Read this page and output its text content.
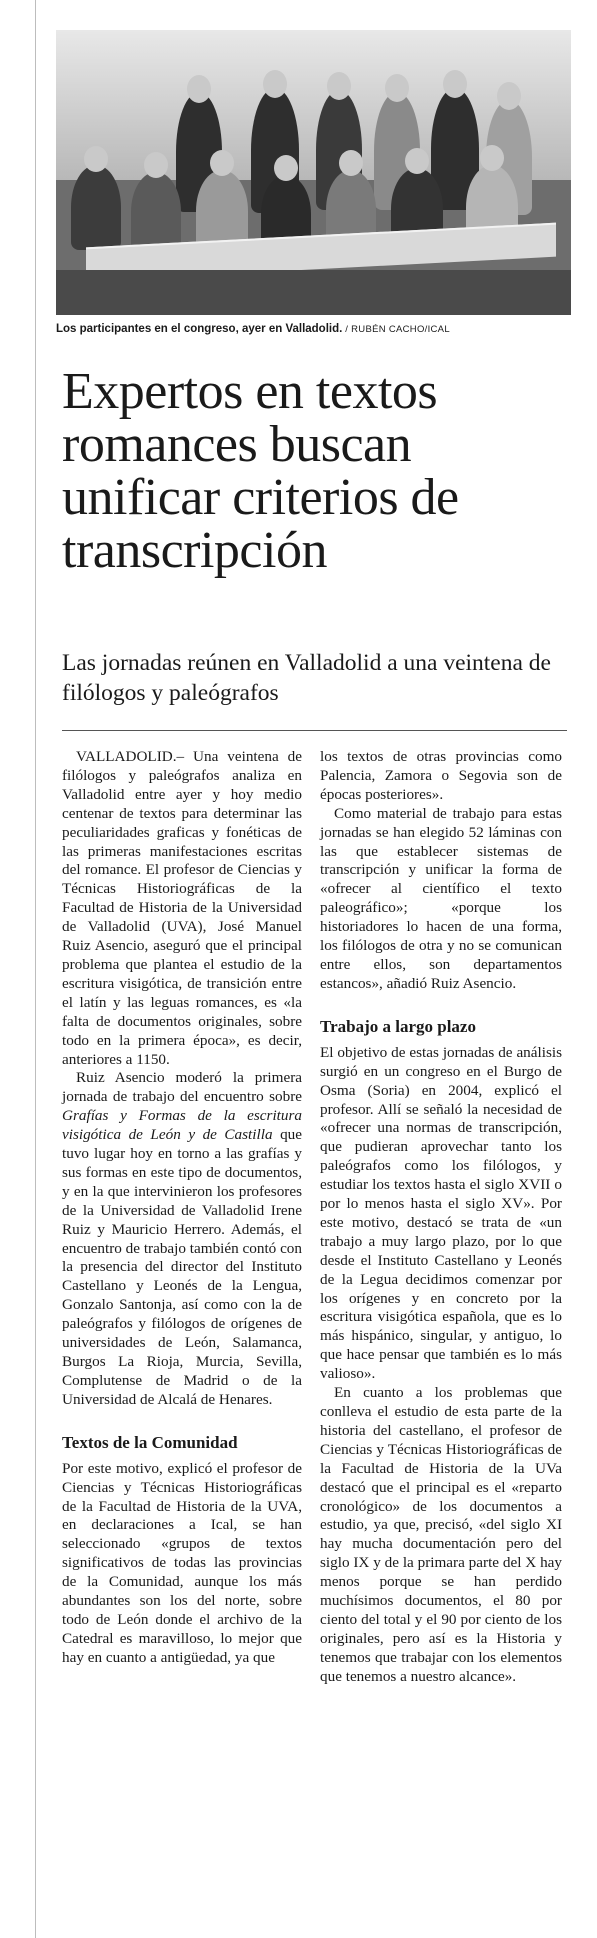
Los participantes en el congreso, ayer en Valladolid. / RUBÉN CACHO/ICAL
Expertos en textos romances buscan unificar criterios de transcripción
Las jornadas reúnen en Valladolid a una veintena de filólogos y paleógrafos

VALLADOLID.– Una veintena de filólogos y paleógrafos analiza en Valladolid entre ayer y hoy medio centenar de textos para determinar las peculiaridades graficas y fonéticas de las primeras manifestaciones escritas del romance. El profesor de Ciencias y Técnicas Historiográficas de la Facultad de Historia de la Universidad de Valladolid (UVA), José Manuel Ruiz Asencio, aseguró que el principal problema que plantea el estudio de la escritura visigótica, de transición entre el latín y las leguas romances, es «la falta de documentos originales, sobre todo en la primera época», es decir, anteriores a 1150.

Ruiz Asencio moderó la primera jornada de trabajo del encuentro sobre Grafías y Formas de la escritura visigótica de León y de Castilla que tuvo lugar hoy en torno a las grafías y sus formas en este tipo de documentos, y en la que intervinieron los profesores de la Universidad de Valladolid Irene Ruiz y Mauricio Herrero. Además, el encuentro de trabajo también contó con la presencia del director del Instituto Castellano y Leonés de la Lengua, Gonzalo Santonja, así como con la de paleógrafos y filólogos de orígenes de universidades de León, Salamanca, Burgos La Rioja, Murcia, Sevilla, Complutense de Madrid o de la Universidad de Alcalá de Henares.

Textos de la Comunidad

Por este motivo, explicó el profesor de Ciencias y Técnicas Historiográficas de la Facultad de Historia de la UVA, en declaraciones a Ical, se han seleccionado «grupos de textos significativos de todas las provincias de la Comunidad, aunque los más abundantes son los del norte, sobre todo de León donde el archivo de la Catedral es maravilloso, lo mejor que hay en cuanto a antigüedad, ya que

los textos de otras provincias como Palencia, Zamora o Segovia son de épocas posteriores».

Como material de trabajo para estas jornadas se han elegido 52 láminas con las que establecer sistemas de transcripción y unificar la forma de «ofrecer al científico el texto paleográfico»; «porque los historiadores lo hacen de una forma, los filólogos de otra y no se comunican entre ellos, son departamentos estancos», añadió Ruiz Asencio.

Trabajo a largo plazo

El objetivo de estas jornadas de análisis surgió en un congreso en el Burgo de Osma (Soria) en 2004, explicó el profesor. Allí se señaló la necesidad de «ofrecer una normas de transcripción, que pudieran aprovechar tanto los paleógrafos como los filólogos, y estudiar los textos hasta el siglo XVII o por lo menos hasta el siglo XV». Por este motivo, destacó se trata de «un trabajo a muy largo plazo, por lo que desde el Instituto Castellano y Leonés de la Legua decidimos comenzar por los orígenes y en concreto por la escritura visigótica española, que es lo más hispánico, singular, y antiguo, lo que hace pensar que también es lo más valioso».

En cuanto a los problemas que conlleva el estudio de esta parte de la historia del castellano, el profesor de Ciencias y Técnicas Historiográficas de la Facultad de Historia de la UVa destacó que el principal es el «reparto cronológico» de los documentos a estudio, ya que, precisó, «del siglo XI hay mucha documentación pero del siglo IX y de la primara parte del X hay menos porque se han perdido muchísimos documentos, el 80 por ciento del total y el 90 por ciento de los originales, pero así es la Historia y tenemos que trabajar con los elementos que tenemos a nuestro alcance».
